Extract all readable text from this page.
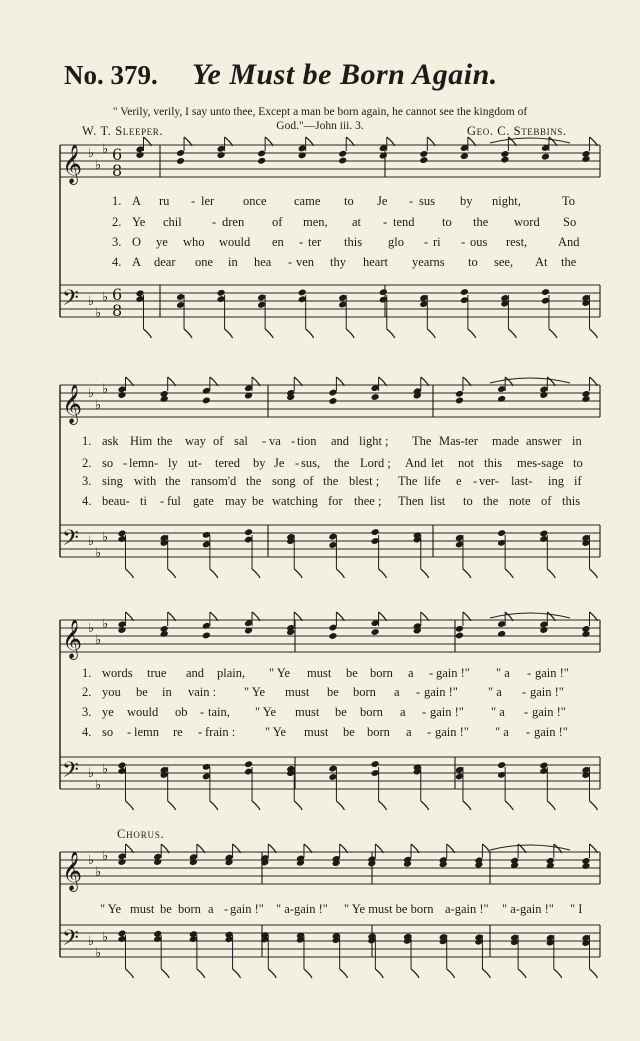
No. 379. Ye Must be Born Again.
" Verily, verily, I say unto thee, Except a man be born again, he cannot see the kingdom of
God."—John iii. 3.
W. T. Sleeper.	Geo. C. Stebbins.
Chorus.
𝄞
𝄢
♭
♭
♭
♭
♭
♭
6
8
6
8
𝄞
𝄢
♭
♭
♭
♭
♭
♭
𝄞
𝄢
♭
♭
♭
♭
♭
♭
𝄞
𝄢
♭
♭
♭
♭
♭
♭
1. A ru - ler once came to Je - sus by night,	To
2. Ye chil - dren of men, at - tend to the word So
3. O ye who would en - ter this glo - ri - ous rest, And
4. A dear one in hea - ven thy heart yearns to see, At the
1. ask Him the way of sal - va - tion and light ; The Mas-ter made answer in
2. so - lemn- ly ut- tered by Je - sus, the Lord ; And let not this mes-sage to
3. sing with the ransom'd the song of the blest ; The life e - ver- last- ing if
4. beau- ti - ful gate may be watching for thee ; Then list to the note of this
1. words true and plain, " Ye must be born a - gain !" " a - gain !"
2. you be in vain : " Ye must be born a - gain !" " a - gain !"
3. ye would ob - tain, " Ye must be born a - gain !" " a - gain !"
4. so - lemn re - frain : " Ye must be born a - gain !" " a - gain !"
" Ye must be born a - gain !" " a-gain !" " Ye must be born a-gain !" " a-gain !" " I
